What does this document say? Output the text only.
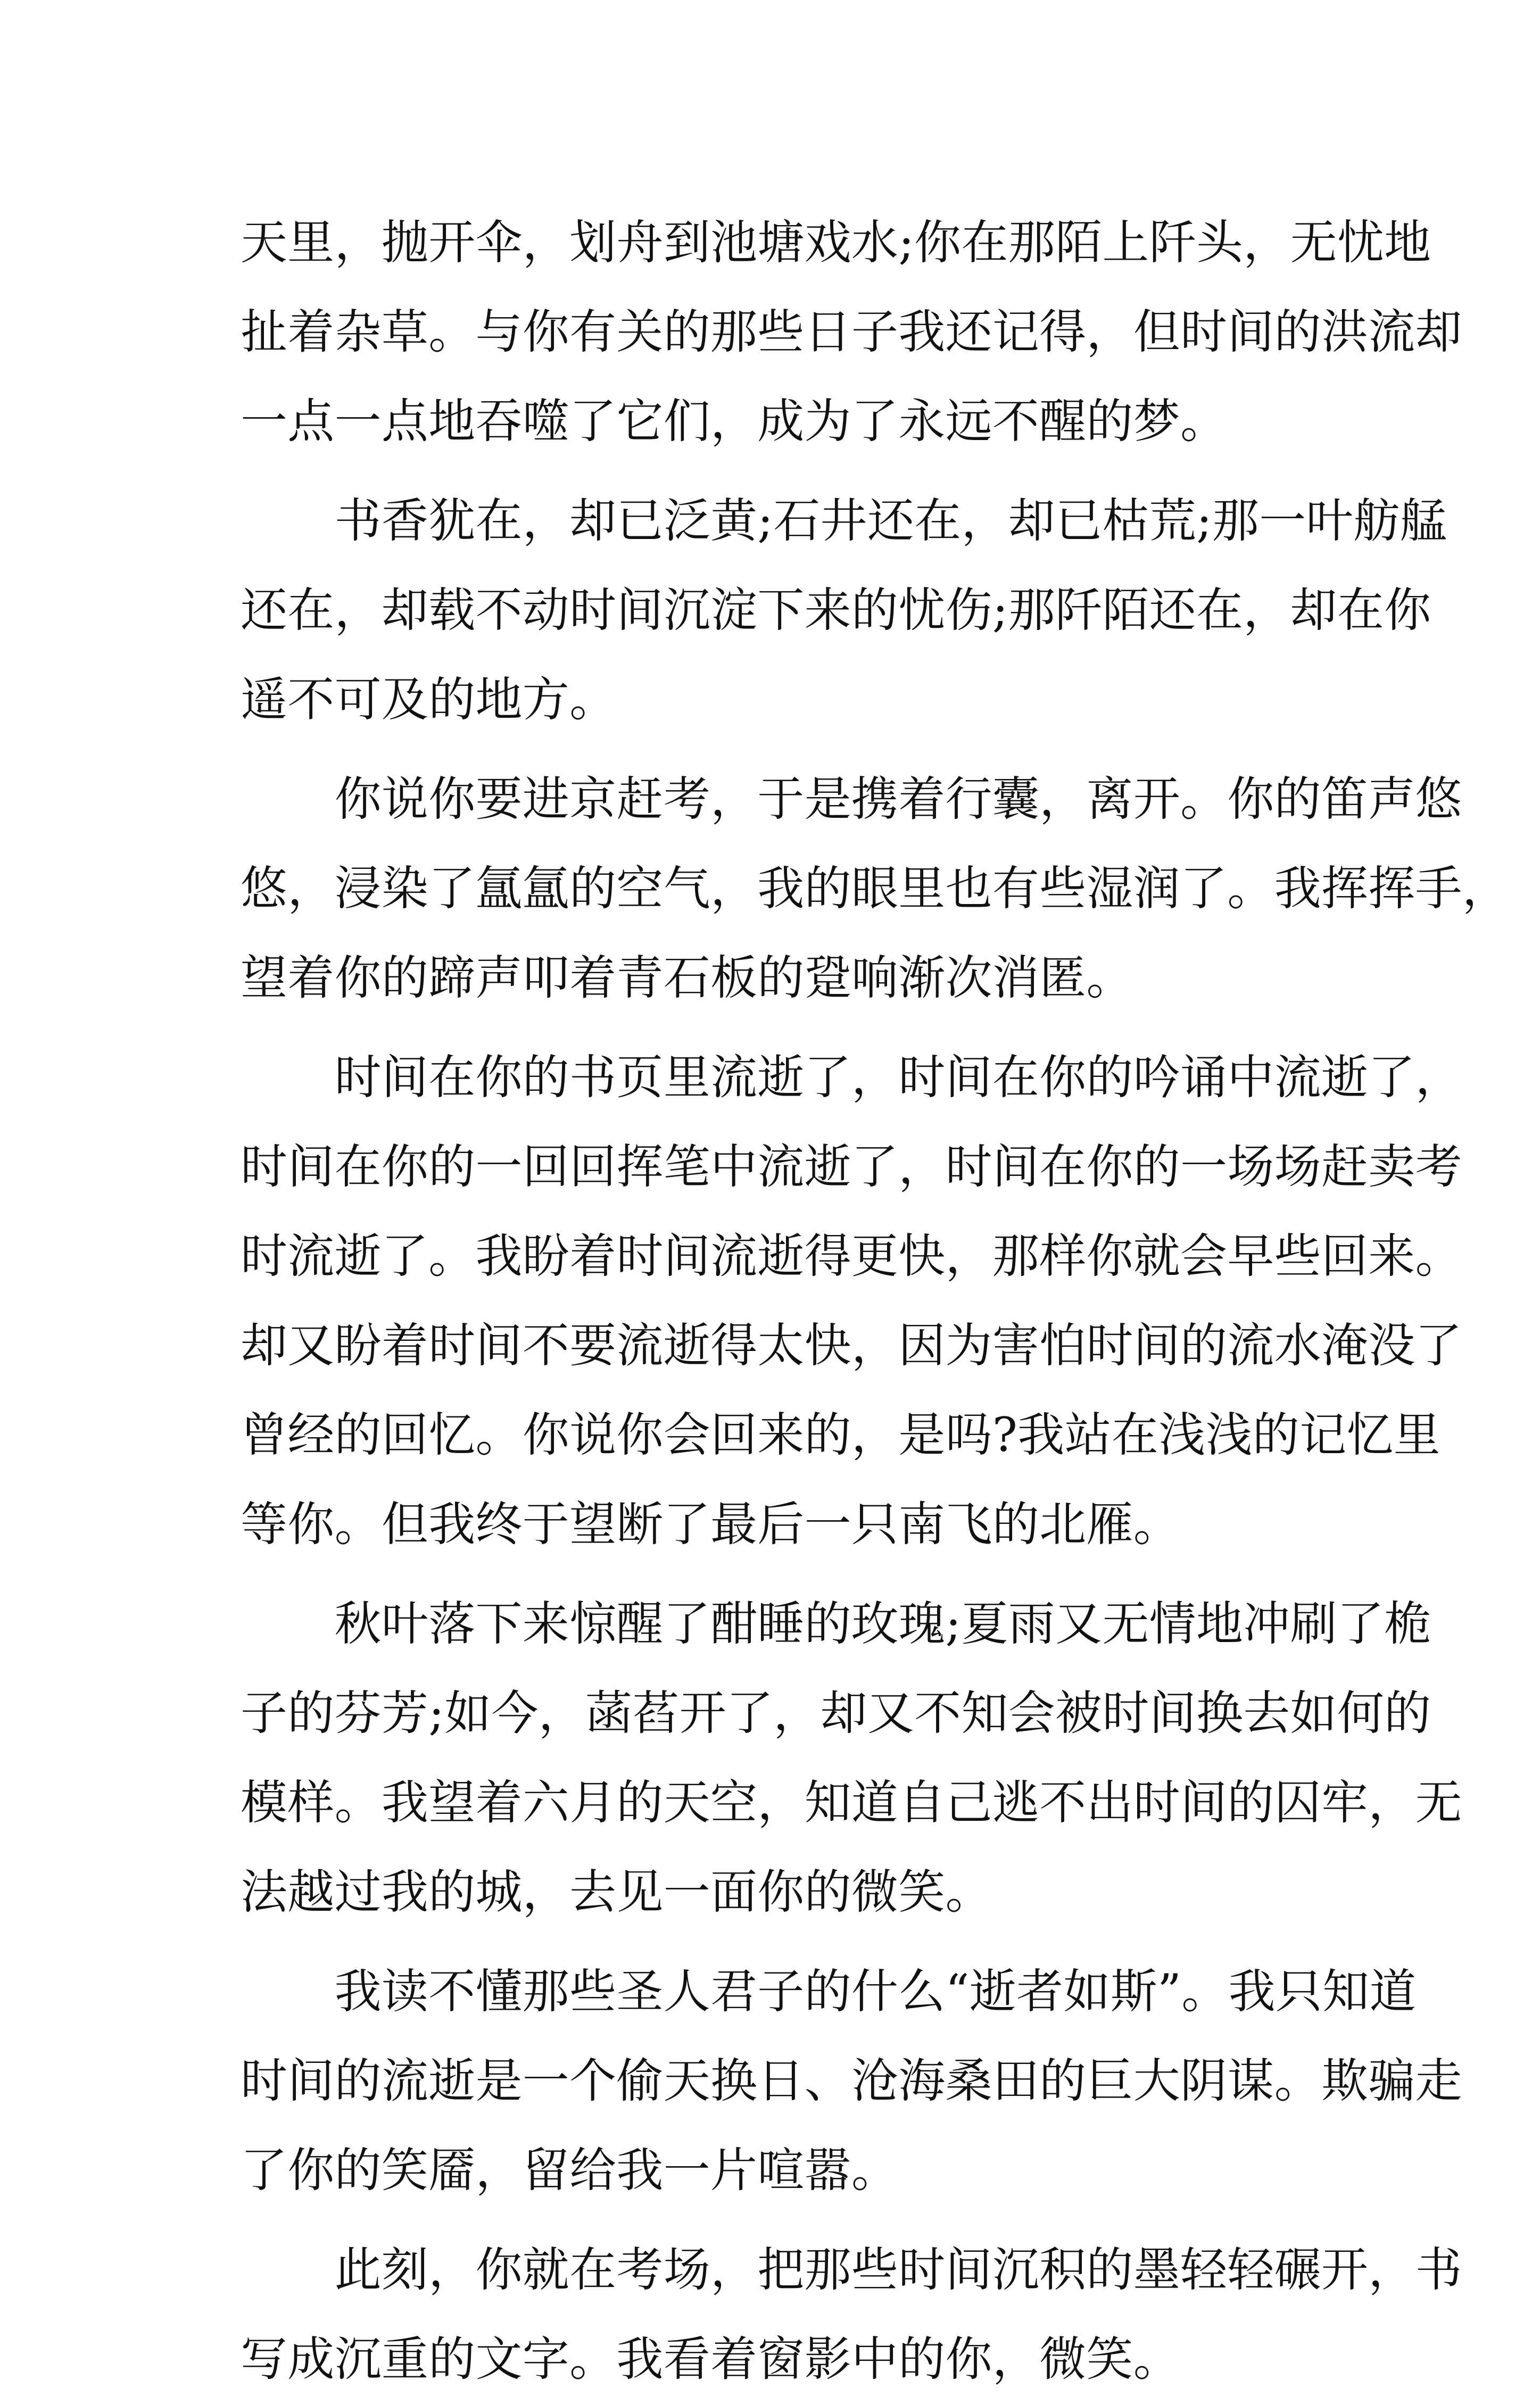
天里，抛开伞，划舟到池塘戏水;你在那陌上阡头，无忧地
扯着杂草。与你有关的那些日子我还记得，但时间的洪流却
一点一点地吞噬了它们，成为了永远不醒的梦。
　　书香犹在，却已泛黄;石井还在，却已枯荒;那一叶舫艋
还在，却载不动时间沉淀下来的忧伤;那阡陌还在，却在你
遥不可及的地方。
　　你说你要进京赶考，于是携着行囊，离开。你的笛声悠
悠，浸染了氲氲的空气，我的眼里也有些湿润了。我挥挥手，
望着你的蹄声叩着青石板的跫响渐次消匿。
　　时间在你的书页里流逝了，时间在你的吟诵中流逝了，
时间在你的一回回挥笔中流逝了，时间在你的一场场赶卖考
时流逝了。我盼着时间流逝得更快，那样你就会早些回来。
却又盼着时间不要流逝得太快，因为害怕时间的流水淹没了
曾经的回忆。你说你会回来的，是吗?我站在浅浅的记忆里
等你。但我终于望断了最后一只南飞的北雁。
　　秋叶落下来惊醒了酣睡的玫瑰;夏雨又无情地冲刷了桅
子的芬芳;如今，菡萏开了，却又不知会被时间换去如何的
模样。我望着六月的天空，知道自己逃不出时间的囚牢，无
法越过我的城，去见一面你的微笑。
　　我读不懂那些圣人君子的什么“逝者如斯”。我只知道
时间的流逝是一个偷天换日、沧海桑田的巨大阴谋。欺骗走
了你的笑靥，留给我一片喧嚣。
　　此刻，你就在考场，把那些时间沉积的墨轻轻碾开，书
写成沉重的文字。我看着窗影中的你，微笑。
